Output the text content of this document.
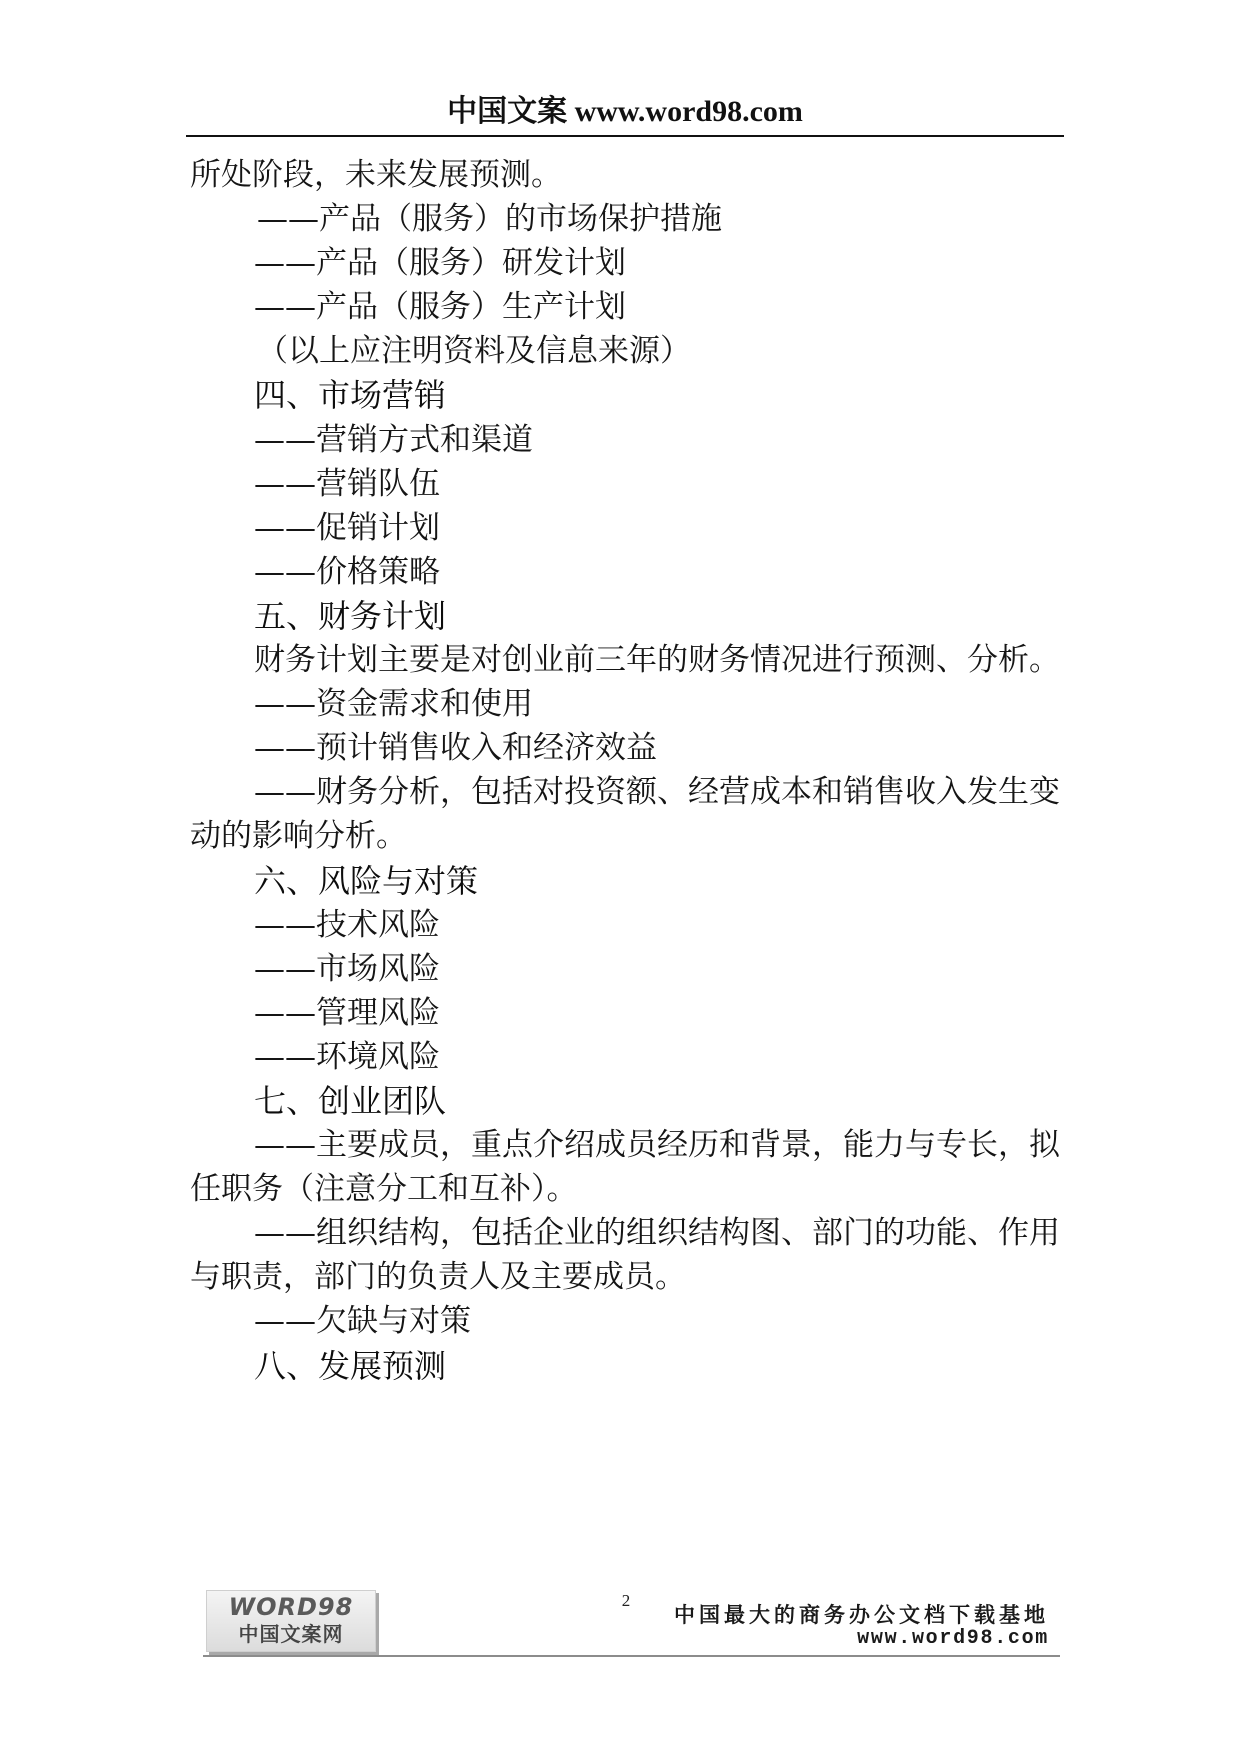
中国文案 www.word98.com
所处阶段，未来发展预测。
——产品（服务）的市场保护措施
——产品（服务）研发计划
——产品（服务）生产计划
（以上应注明资料及信息来源）
四、市场营销
——营销方式和渠道
——营销队伍
——促销计划
——价格策略
五、财务计划
财务计划主要是对创业前三年的财务情况进行预测、分析。
——资金需求和使用
——预计销售收入和经济效益
——财务分析，包括对投资额、经营成本和销售收入发生变
动的影响分析。
六、风险与对策
——技术风险
——市场风险
——管理风险
——环境风险
七、创业团队
——主要成员，重点介绍成员经历和背景，能力与专长，拟
任职务（注意分工和互补）。
——组织结构，包括企业的组织结构图、部门的功能、作用
与职责，部门的负责人及主要成员。
——欠缺与对策
八、发展预测
WORD98
中国文案网
2
中国最大的商务办公文档下载基地
www.word98.com
